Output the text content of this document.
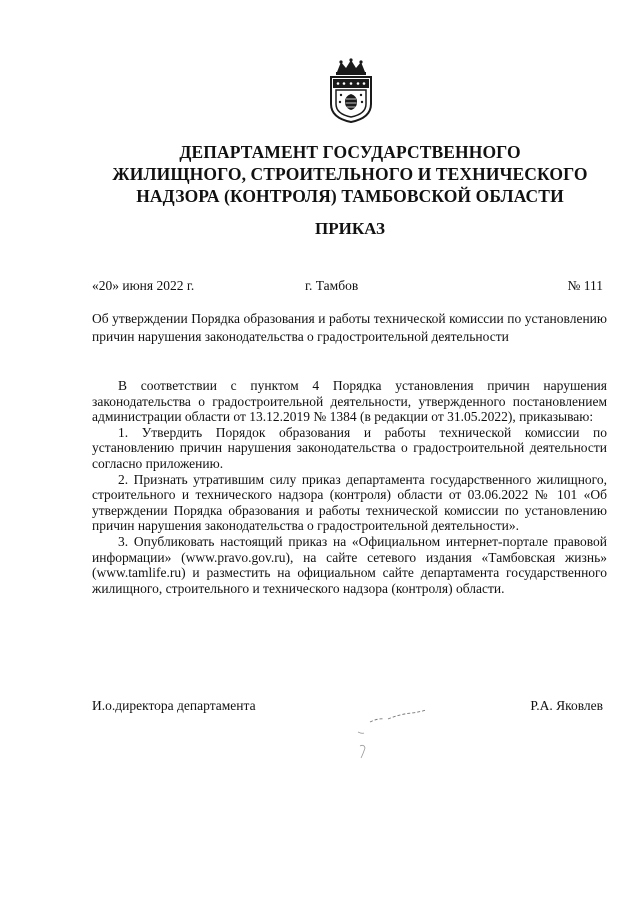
ДЕПАРТАМЕНТ ГОСУДАРСТВЕННОГО
ЖИЛИЩНОГО, СТРОИТЕЛЬНОГО И ТЕХНИЧЕСКОГО
НАДЗОРА (КОНТРОЛЯ) ТАМБОВСКОЙ ОБЛАСТИ
ПРИКАЗ
«20» июня 2022 г.	г. Тамбов	№ 111
Об утверждении Порядка образования и работы технической комиссии по установлению причин нарушения законодательства о градостроительной деятельности

В соответствии с пунктом 4 Порядка установления причин нарушения законодательства о градостроительной деятельности, утвержденного постановлением администрации области от 13.12.2019 № 1384 (в редакции от 31.05.2022), приказываю:

1. Утвердить Порядок образования и работы технической комиссии по установлению причин нарушения законодательства о градостроительной деятельности согласно приложению.

2. Признать утратившим силу приказ департамента государственного жилищного, строительного и технического надзора (контроля) области от 03.06.2022 № 101 «Об утверждении Порядка образования и работы технической комиссии по установлению причин нарушения законодательства о градостроительной деятельности».

3. Опубликовать настоящий приказ на «Официальном интернет-портале правовой информации» (www.pravo.gov.ru), на сайте сетевого издания «Тамбовская жизнь» (www.tamlife.ru) и разместить на официальном сайте департамента государственного жилищного, строительного и технического надзора (контроля) области.

И.о.директора департамента	Р.А. Яковлев
